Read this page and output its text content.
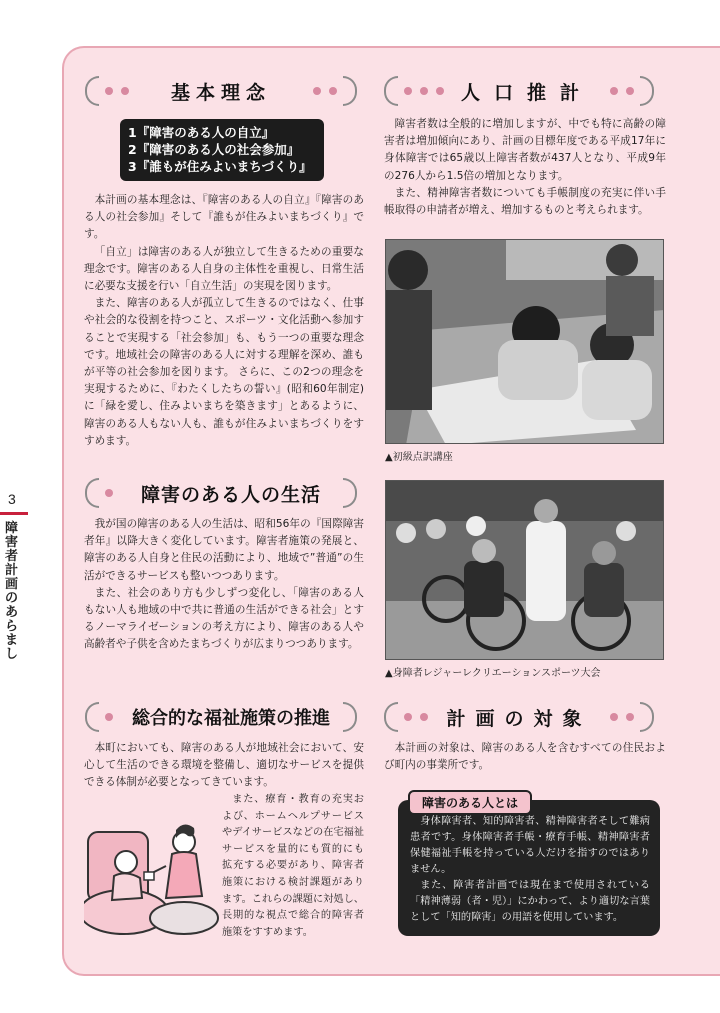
3
障害者計画のあらまし
基本理念
1『障害のある人の自立』
2『障害のある人の社会参加』
3『誰もが住みよいまちづくり』

本計画の基本理念は、『障害のある人の自立』『障害のある人の社会参加』そして『誰もが住みよいまちづくり』です。

「自立」は障害のある人が独立して生きるための重要な理念です。障害のある人自身の主体性を重視し、日常生活に必要な支援を行い「自立生活」の実現を図ります。

また、障害のある人が孤立して生きるのではなく、仕事や社会的な役割を持つこと、スポーツ・文化活動へ参加することで実現する「社会参加」も、もう一つの重要な理念です。地域社会の障害のある人に対する理解を深め、誰もが平等の社会参加を図ります。 さらに、この2つの理念を実現するために、『わたくしたちの誓い』(昭和60年制定)に「緑を愛し、住みよいまちを築きます」とあるように、障害のある人もない人も、誰もが住みよいまちづくりをすすめます。

障害のある人の生活

我が国の障害のある人の生活は、昭和56年の『国際障害者年』以降大きく変化しています。障害者施策の発展と、障害のある人自身と住民の活動により、地域で”普通”の生活ができるサービスも整いつつあります。

また、社会のあり方も少しずつ変化し、「障害のある人もない人も地域の中で共に普通の生活ができる社会」とするノーマライゼーションの考え方により、障害のある人や高齢者や子供を含めたまちづくりが広まりつつあります。

総合的な福祉施策の推進

本町においても、障害のある人が地域社会において、安心して生活のできる環境を整備し、適切なサービスを提供できる体制が必要となってきています。

また、療育・教育の充実および、ホームヘルプサービスやデイサービスなどの在宅福祉サービスを量的にも質的にも拡充する必要があり、障害者施策における検討課題があります。これらの課題に対処し、長期的な視点で総合的障害者施策をすすめます。

人口推計

障害者数は全般的に増加しますが、中でも特に高齢の障害者は増加傾向にあり、計画の目標年度である平成17年に身体障害では65歳以上障害者数が437人となり、平成9年の276人から1.5倍の増加となります。

また、精神障害者数についても手帳制度の充実に伴い手帳取得の申請者が増え、増加するものと考えられます。

▲初級点訳講座
▲身障者レジャーレクリエーションスポーツ大会
計画の対象

本計画の対象は、障害のある人を含むすべての住民および町内の事業所です。

身体障害者、知的障害者、精神障害者そして難病患者です。身体障害者手帳・療育手帳、精神障害者保健福祉手帳を持っている人だけを指すのではありません。

また、障害者計画では現在まで使用されている「精神薄弱（者・児）」にかわって、より適切な言葉として「知的障害」の用語を使用しています。

障害のある人とは
